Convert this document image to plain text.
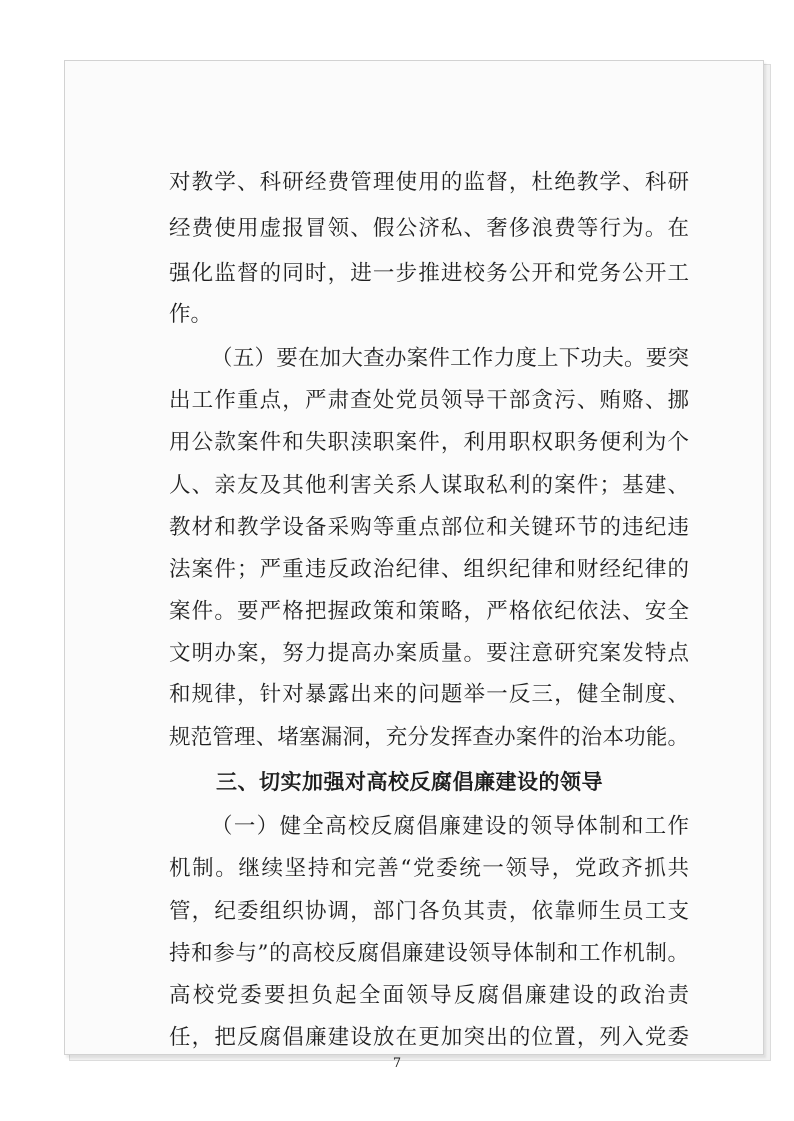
对教学、科研经费管理使用的监督，杜绝教学、科研
经费使用虚报冒领、假公济私、奢侈浪费等行为。在
强化监督的同时，进一步推进校务公开和党务公开工
作。
（五）要在加大查办案件工作力度上下功夫。要突
出工作重点，严肃查处党员领导干部贪污、贿赂、挪
用公款案件和失职渎职案件，利用职权职务便利为个
人、亲友及其他利害关系人谋取私利的案件；基建、
教材和教学设备采购等重点部位和关键环节的违纪违
法案件；严重违反政治纪律、组织纪律和财经纪律的
案件。要严格把握政策和策略，严格依纪依法、安全
文明办案，努力提高办案质量。要注意研究案发特点
和规律，针对暴露出来的问题举一反三，健全制度、
规范管理、堵塞漏洞，充分发挥查办案件的治本功能。
三、切实加强对高校反腐倡廉建设的领导
（一）健全高校反腐倡廉建设的领导体制和工作
机制。继续坚持和完善“党委统一领导，党政齐抓共
管，纪委组织协调，部门各负其责，依靠师生员工支
持和参与”的高校反腐倡廉建设领导体制和工作机制。
高校党委要担负起全面领导反腐倡廉建设的政治责
任，把反腐倡廉建设放在更加突出的位置，列入党委
7
